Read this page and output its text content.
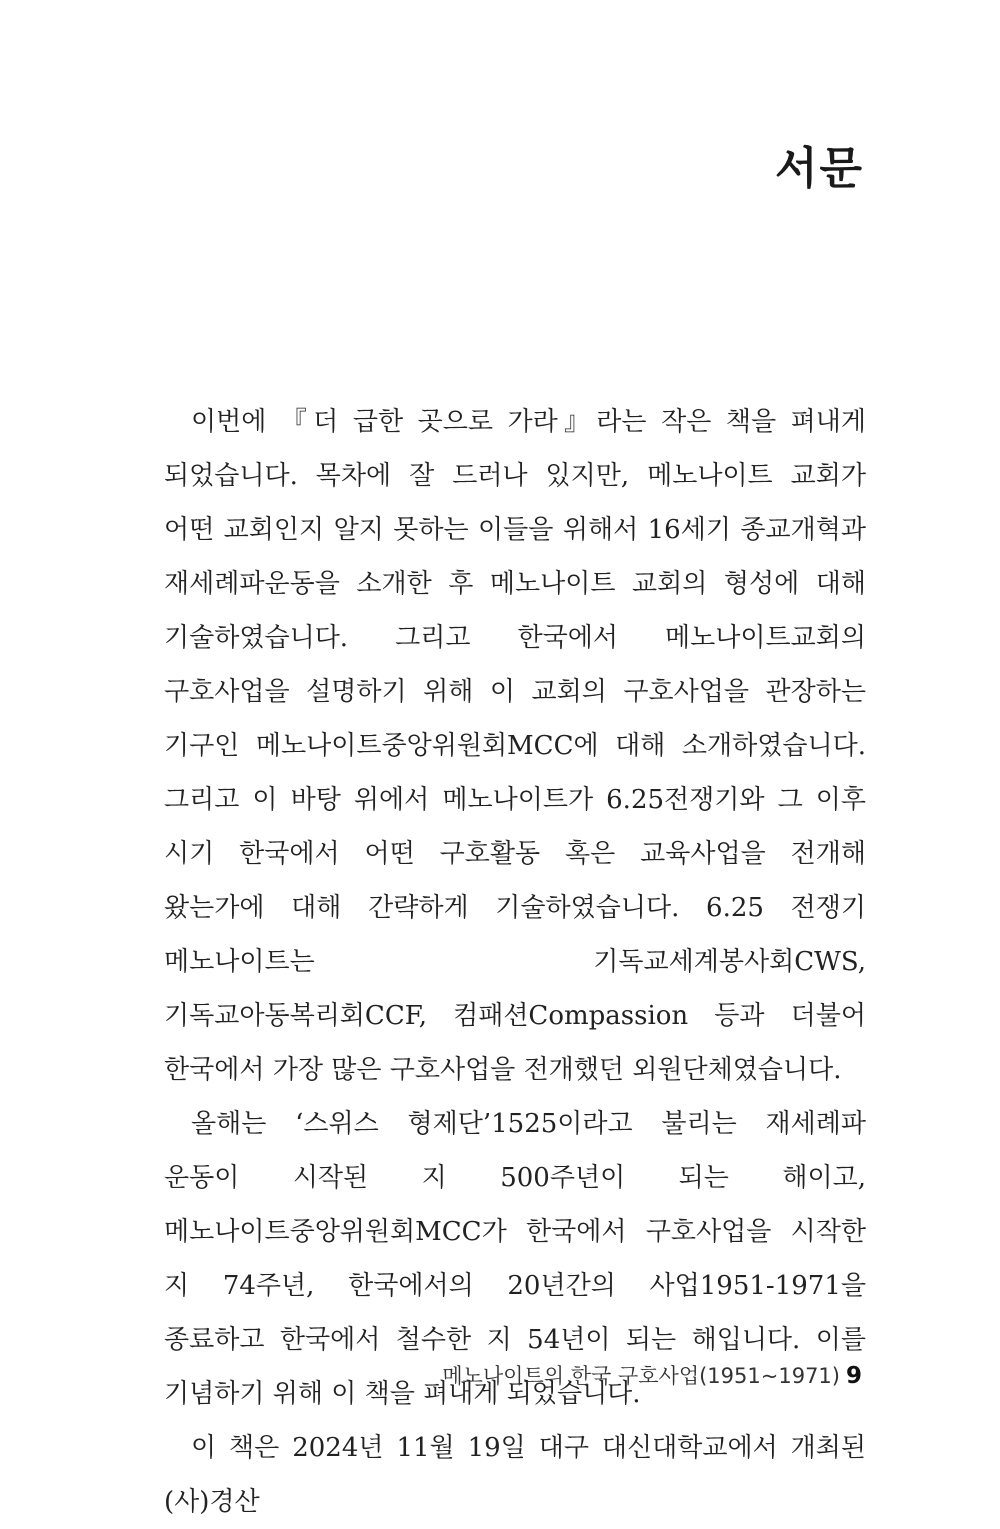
서문

이번에 『더 급한 곳으로 가라』라는 작은 책을 펴내게 되었습니다. 목차에 잘 드러나 있지만, 메노나이트 교회가 어떤 교회인지 알지 못하는 이들을 위해서 16세기 종교개혁과 재세례파운동을 소개한 후 메노나이트 교회의 형성에 대해 기술하였습니다. 그리고 한국에서 메노나이트교회의 구호사업을 설명하기 위해 이 교회의 구호사업을 관장하는 기구인 메노나이트중앙위원회MCC에 대해 소개하였습니다. 그리고 이 바탕 위에서 메노나이트가 6.25전쟁기와 그 이후 시기 한국에서 어떤 구호활동 혹은 교육사업을 전개해 왔는가에 대해 간략하게 기술하였습니다. 6.25 전쟁기 메노나이트는 기독교세계봉사회CWS, 기독교아동복리회CCF, 컴패션Compassion 등과 더불어 한국에서 가장 많은 구호사업을 전개했던 외원단체였습니다.

올해는 ‘스위스 형제단’1525이라고 불리는 재세례파 운동이 시작된 지 500주년이 되는 해이고, 메노나이트중앙위원회MCC가 한국에서 구호사업을 시작한 지 74주년, 한국에서의 20년간의 사업1951-1971을 종료하고 한국에서 철수한 지 54년이 되는 해입니다. 이를 기념하기 위해 이 책을 펴내게 되었습니다.

이 책은 2024년 11월 19일 대구 대신대학교에서 개최된 (사)경산

메노나이트의 한국 구호사업(1951~1971) 9
